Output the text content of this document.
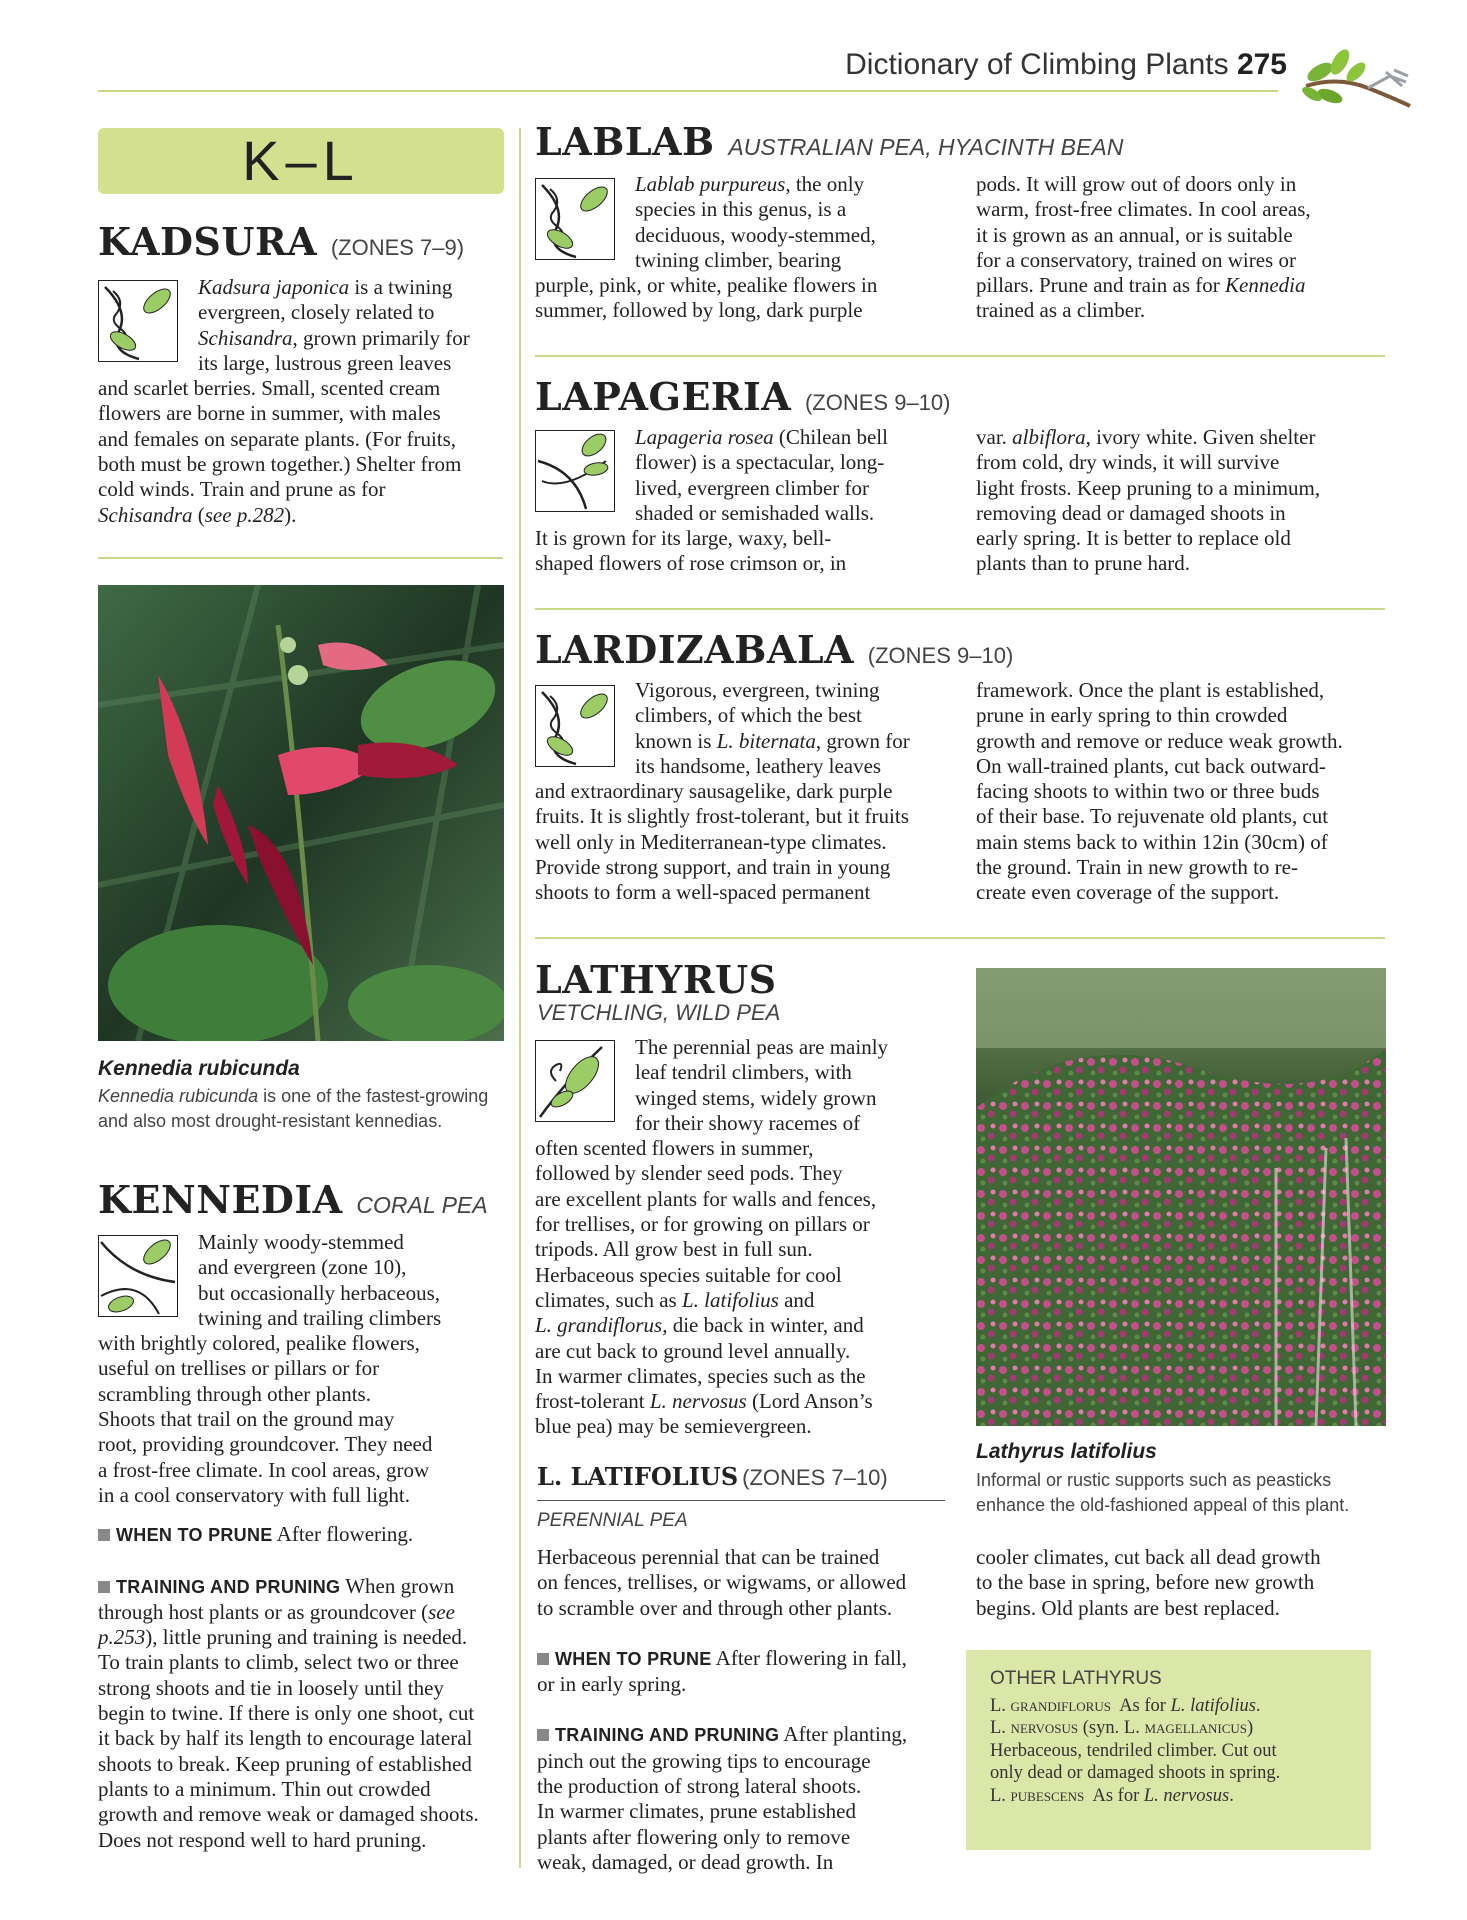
Dictionary of Climbing Plants 275
K–L
KADSURA (ZONES 7–9)
Kadsura japonica is a twining
evergreen, closely related to
Schisandra, grown primarily for
its large, lustrous green leaves
and scarlet berries. Small, scented cream
flowers are borne in summer, with males
and females on separate plants. (For fruits,
both must be grown together.) Shelter from
cold winds. Train and prune as for
Schisandra (see p.282).
Kennedia rubicunda
Kennedia rubicunda is one of the fastest-growing
and also most drought-resistant kennedias.
KENNEDIA CORAL PEA
Mainly woody-stemmed
and evergreen (zone 10),
but occasionally herbaceous,
twining and trailing climbers
with brightly colored, pealike flowers,
useful on trellises or pillars or for
scrambling through other plants.
Shoots that trail on the ground may
root, providing groundcover. They need
a frost-free climate. In cool areas, grow
in a cool conservatory with full light.
WHEN TO PRUNE After flowering.
TRAINING AND PRUNING When grown
through host plants or as groundcover (see
p.253), little pruning and training is needed.
To train plants to climb, select two or three
strong shoots and tie in loosely until they
begin to twine. If there is only one shoot, cut
it back by half its length to encourage lateral
shoots to break. Keep pruning of established
plants to a minimum. Thin out crowded
growth and remove weak or damaged shoots.
Does not respond well to hard pruning.
LABLAB AUSTRALIAN PEA, HYACINTH BEAN
Lablab purpureus, the only
species in this genus, is a
deciduous, woody-stemmed,
twining climber, bearing
purple, pink, or white, pealike flowers in
summer, followed by long, dark purple
pods. It will grow out of doors only in
warm, frost-free climates. In cool areas,
it is grown as an annual, or is suitable
for a conservatory, trained on wires or
pillars. Prune and train as for Kennedia
trained as a climber.
LAPAGERIA (ZONES 9–10)
Lapageria rosea (Chilean bell
flower) is a spectacular, long-
lived, evergreen climber for
shaded or semishaded walls.
It is grown for its large, waxy, bell-
shaped flowers of rose crimson or, in
var. albiflora, ivory white. Given shelter
from cold, dry winds, it will survive
light frosts. Keep pruning to a minimum,
removing dead or damaged shoots in
early spring. It is better to replace old
plants than to prune hard.
LARDIZABALA (ZONES 9–10)
Vigorous, evergreen, twining
climbers, of which the best
known is L. biternata, grown for
its handsome, leathery leaves
and extraordinary sausagelike, dark purple
fruits. It is slightly frost-tolerant, but it fruits
well only in Mediterranean-type climates.
Provide strong support, and train in young
shoots to form a well-spaced permanent
framework. Once the plant is established,
prune in early spring to thin crowded
growth and remove or reduce weak growth.
On wall-trained plants, cut back outward-
facing shoots to within two or three buds
of their base. To rejuvenate old plants, cut
main stems back to within 12in (30cm) of
the ground. Train in new growth to re-
create even coverage of the support.
LATHYRUS
VETCHLING, WILD PEA
The perennial peas are mainly
leaf tendril climbers, with
winged stems, widely grown
for their showy racemes of
often scented flowers in summer,
followed by slender seed pods. They
are excellent plants for walls and fences,
for trellises, or for growing on pillars or
tripods. All grow best in full sun.
Herbaceous species suitable for cool
climates, such as L. latifolius and
L. grandiflorus, die back in winter, and
are cut back to ground level annually.
In warmer climates, species such as the
frost-tolerant L. nervosus (Lord Anson’s
blue pea) may be semievergreen.
Lathyrus latifolius
Informal or rustic supports such as peasticks
enhance the old-fashioned appeal of this plant.
L. LATIFOLIUS (ZONES 7–10)
PERENNIAL PEA
Herbaceous perennial that can be trained
on fences, trellises, or wigwams, or allowed
to scramble over and through other plants.
WHEN TO PRUNE After flowering in fall,
or in early spring.
TRAINING AND PRUNING After planting,
pinch out the growing tips to encourage
the production of strong lateral shoots.
In warmer climates, prune established
plants after flowering only to remove
weak, damaged, or dead growth. In
cooler climates, cut back all dead growth
to the base in spring, before new growth
begins. Old plants are best replaced.
OTHER LATHYRUS
L. grandiflorus As for L. latifolius.
L. nervosus (syn. L. magellanicus)
Herbaceous, tendriled climber. Cut out
only dead or damaged shoots in spring.
L. pubescens As for L. nervosus.
